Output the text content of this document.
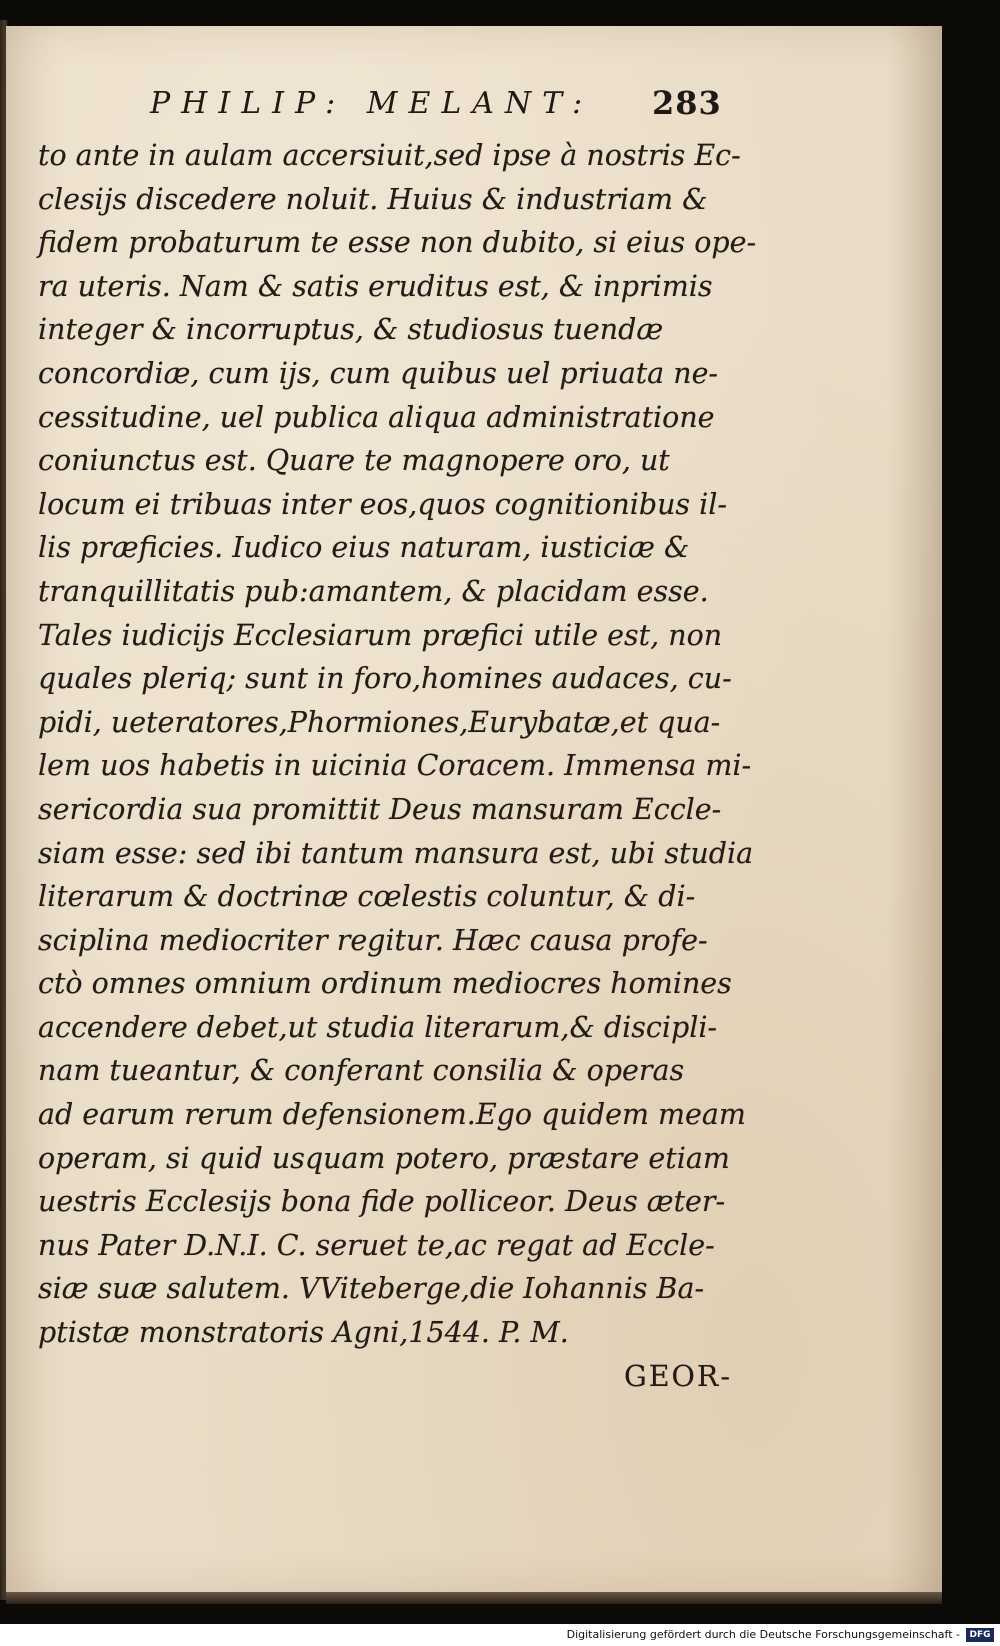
PHILIP: MELANT: 283
to ante in aulam accersiuit,sed ipse à nostris Ec-
clesijs discedere noluit. Huius & industriam &
fidem probaturum te esse non dubito, si eius ope-
ra uteris. Nam & satis eruditus est, & inprimis
integer & incorruptus, & studiosus tuendæ
concordiæ, cum ijs, cum quibus uel priuata ne-
cessitudine, uel publica aliqua administratione
coniunctus est. Quare te magnopere oro, ut
locum ei tribuas inter eos,quos cognitionibus il-
lis præficies. Iudico eius naturam, iusticiæ &
tranquillitatis pub:amantem, & placidam esse.
Tales iudicijs Ecclesiarum præfici utile est, non
quales pleriq; sunt in foro,homines audaces, cu-
pidi, ueteratores,Phormiones,Eurybatæ,et qua-
lem uos habetis in uicinia Coracem. Immensa mi-
sericordia sua promittit Deus mansuram Eccle-
siam esse: sed ibi tantum mansura est, ubi studia
literarum & doctrinæ cœlestis coluntur, & di-
sciplina mediocriter regitur. Hæc causa profe-
ctò omnes omnium ordinum mediocres homines
accendere debet,ut studia literarum,& discipli-
nam tueantur, & conferant consilia & operas
ad earum rerum defensionem.Ego quidem meam
operam, si quid usquam potero, præstare etiam
uestris Ecclesijs bona fide polliceor. Deus æter-
nus Pater D.N.I. C. seruet te,ac regat ad Eccle-
siæ suæ salutem. VViteberge,die Iohannis Ba-
ptistæ monstratoris Agni,1544. P. M.
GEOR-
Digitalisierung gefördert durch die Deutsche Forschungsgemeinschaft -	DFG
